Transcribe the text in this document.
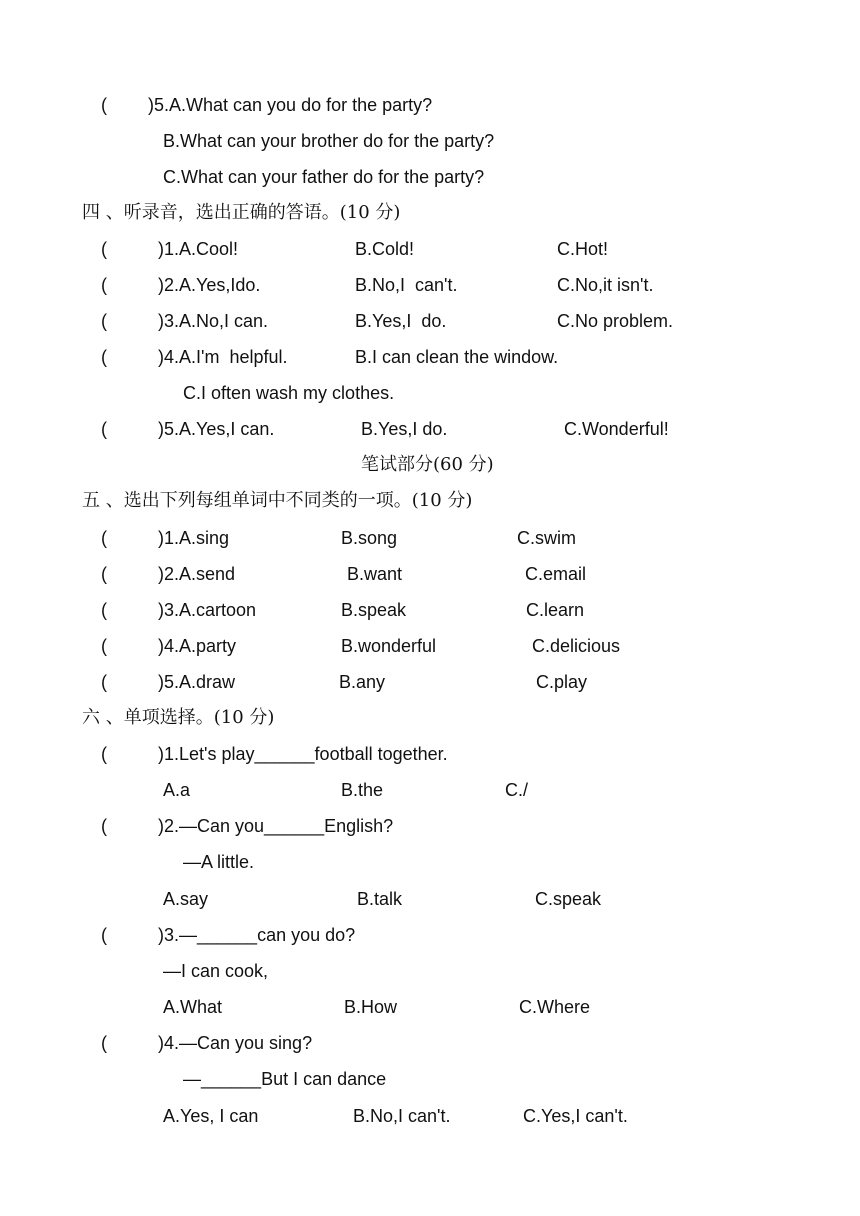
( )5.A.What can you do for the party?
B.What can your brother do for the party?
C.What can your father do for the party?
四 、听录音，选出正确的答语。(10 分)
(	)1.A.Cool!	B.Cold!	C.Hot!
(	)2.A.Yes,Ido.	B.No,I  can't.	C.No,it isn't.
(	)3.A.No,I can.	B.Yes,I  do.	C.No problem.
(	)4.A.I'm  helpful.	B.I can clean the window.
C.I often wash my clothes.
(	)5.A.Yes,I can.	B.Yes,I do.	C.Wonderful!
笔试部分(60 分)
五 、选出下列每组单词中不同类的一项。(10 分)
(	)1.A.sing	B.song	C.swim
(	)2.A.send	B.want	C.email
(	)3.A.cartoon	B.speak	C.learn
(	)4.A.party	B.wonderful	C.delicious
(	)5.A.draw	B.any	C.play
六 、单项选择。(10 分)
(	)1.Let's play______football together.
A.a	B.the	C./
(	)2.—Can you______English?
—A little.
A.say	B.talk	C.speak
(	)3.—______can you do?
—I can cook,
A.What	B.How	C.Where
(	)4.—Can you sing?
—______But I can dance
A.Yes, I can	B.No,I can't.	C.Yes,I can't.
